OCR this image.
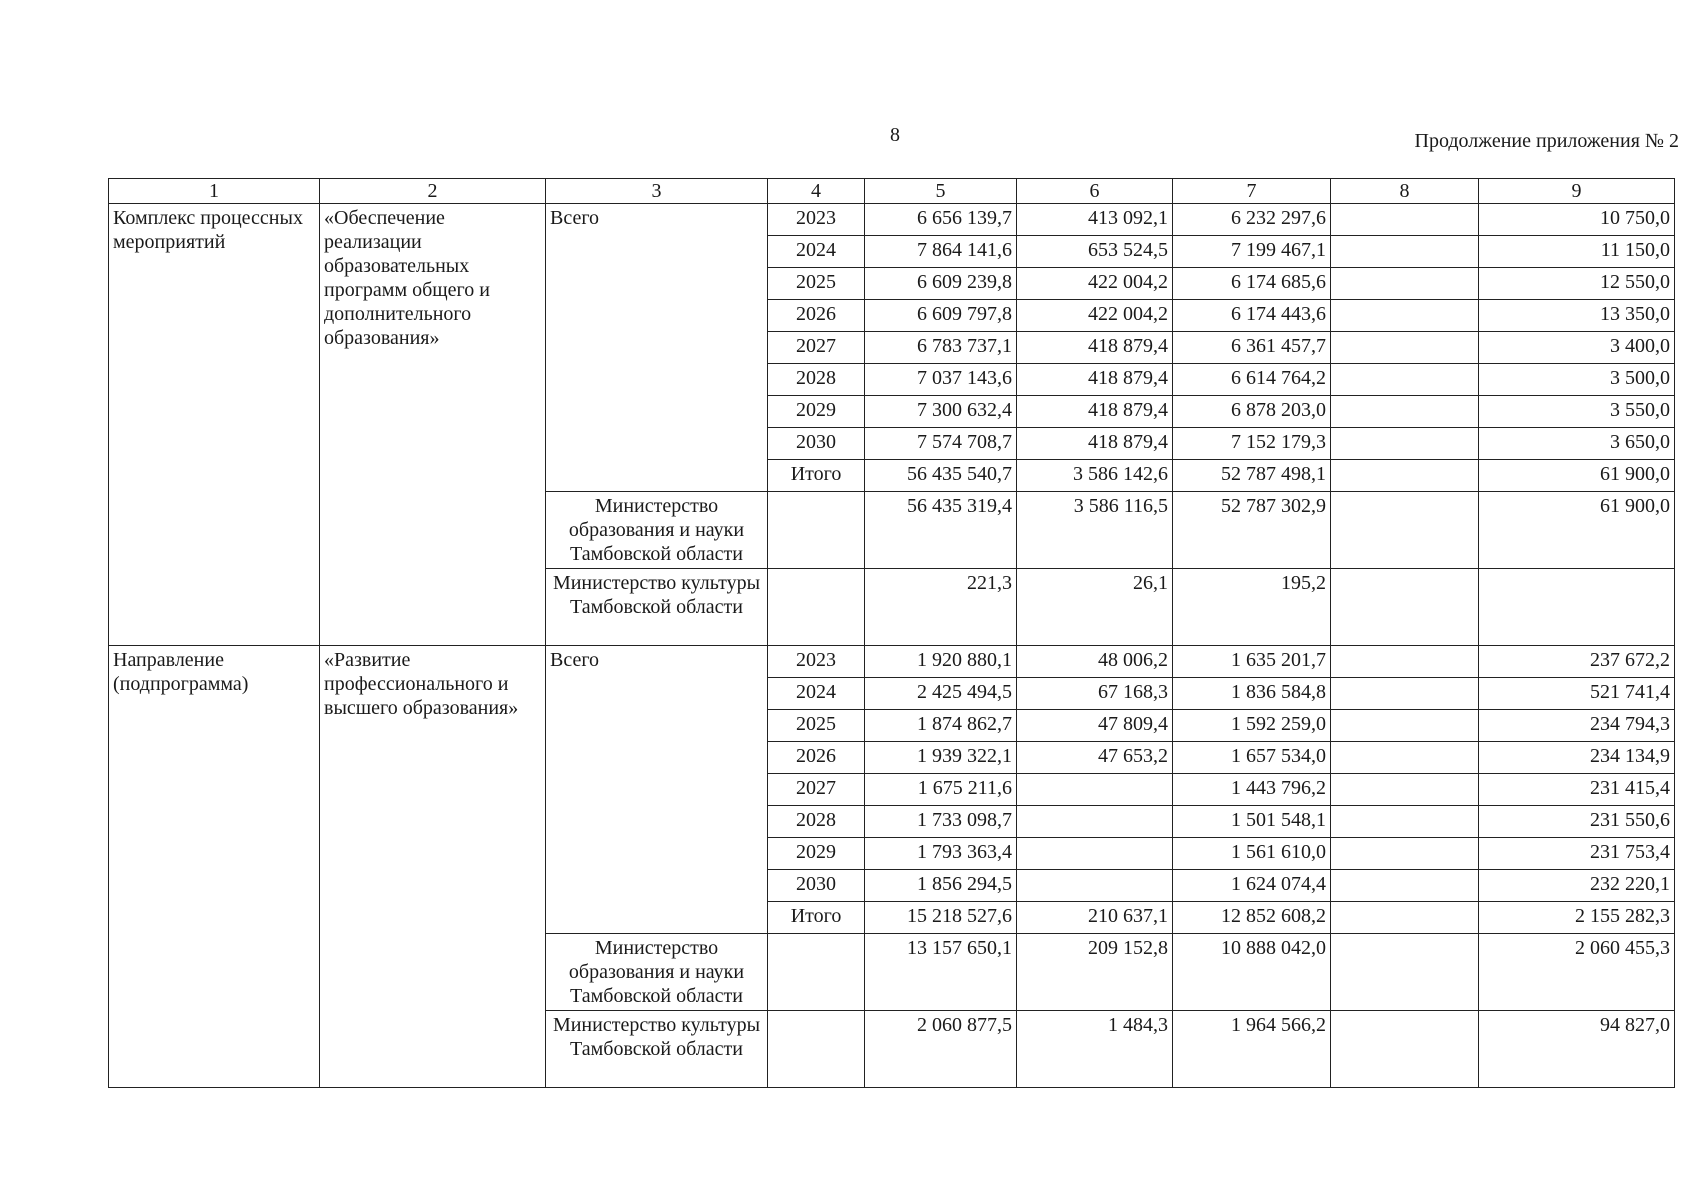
8	Продолжение приложения № 2
1	2	3	4	5	6	7	8	9
Комплекс процессных мероприятий	«Обеспечение реализации образовательных программ общего и дополнительного образования»	Всего	2023	6 656 139,7	413 092,1	6 232 297,6		10 750,0
			2024	7 864 141,6	653 524,5	7 199 467,1		11 150,0
			2025	6 609 239,8	422 004,2	6 174 685,6		12 550,0
			2026	6 609 797,8	422 004,2	6 174 443,6		13 350,0
			2027	6 783 737,1	418 879,4	6 361 457,7		3 400,0
			2028	7 037 143,6	418 879,4	6 614 764,2		3 500,0
			2029	7 300 632,4	418 879,4	6 878 203,0		3 550,0
			2030	7 574 708,7	418 879,4	7 152 179,3		3 650,0
			Итого	56 435 540,7	3 586 142,6	52 787 498,1		61 900,0
		Министерство образования и науки Тамбовской области		56 435 319,4	3 586 116,5	52 787 302,9		61 900,0
		Министерство культуры Тамбовской области		221,3	26,1	195,2		
Направление (подпрограмма)	«Развитие профессионального и высшего образования»	Всего	2023	1 920 880,1	48 006,2	1 635 201,7		237 672,2
			2024	2 425 494,5	67 168,3	1 836 584,8		521 741,4
			2025	1 874 862,7	47 809,4	1 592 259,0		234 794,3
			2026	1 939 322,1	47 653,2	1 657 534,0		234 134,9
			2027	1 675 211,6		1 443 796,2		231 415,4
			2028	1 733 098,7		1 501 548,1		231 550,6
			2029	1 793 363,4		1 561 610,0		231 753,4
			2030	1 856 294,5		1 624 074,4		232 220,1
			Итого	15 218 527,6	210 637,1	12 852 608,2		2 155 282,3
		Министерство образования и науки Тамбовской области		13 157 650,1	209 152,8	10 888 042,0		2 060 455,3
		Министерство культуры Тамбовской области		2 060 877,5	1 484,3	1 964 566,2		94 827,0
